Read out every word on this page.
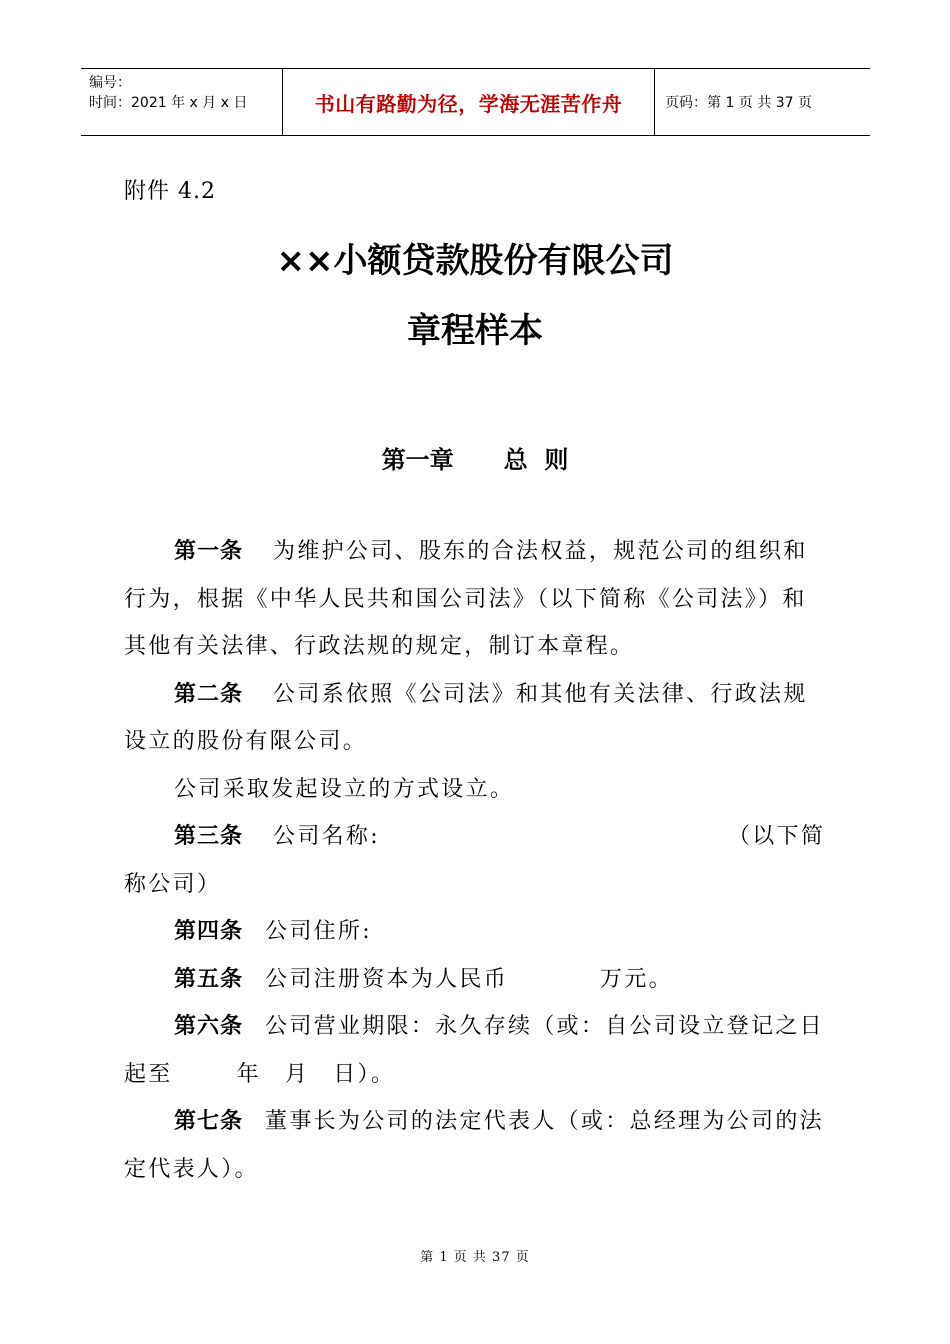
编号：
时间：2021 年 x 月 x 日	书山有路勤为径，学海无涯苦作舟	页码：第 1 页 共 37 页
附件 4.2
××小额贷款股份有限公司
章程样本
第一章 总  则

第一条 为维护公司、股东的合法权益，规范公司的组织和行为，根据《中华人民共和国公司法》（以下简称《公司法》）和其他有关法律、行政法规的规定，制订本章程。

第二条 公司系依照《公司法》和其他有关法律、行政法规设立的股份有限公司。

公司采取发起设立的方式设立。

第三条 公司名称:	（以下简称公司）

第四条 公司住所:

第五条 公司注册资本为人民币	万元。

第六条 公司营业期限：永久存续（或：自公司设立登记之日起至	年 月 日）。

第七条 董事长为公司的法定代表人（或：总经理为公司的法定代表人）。

第 1 页 共 37 页
